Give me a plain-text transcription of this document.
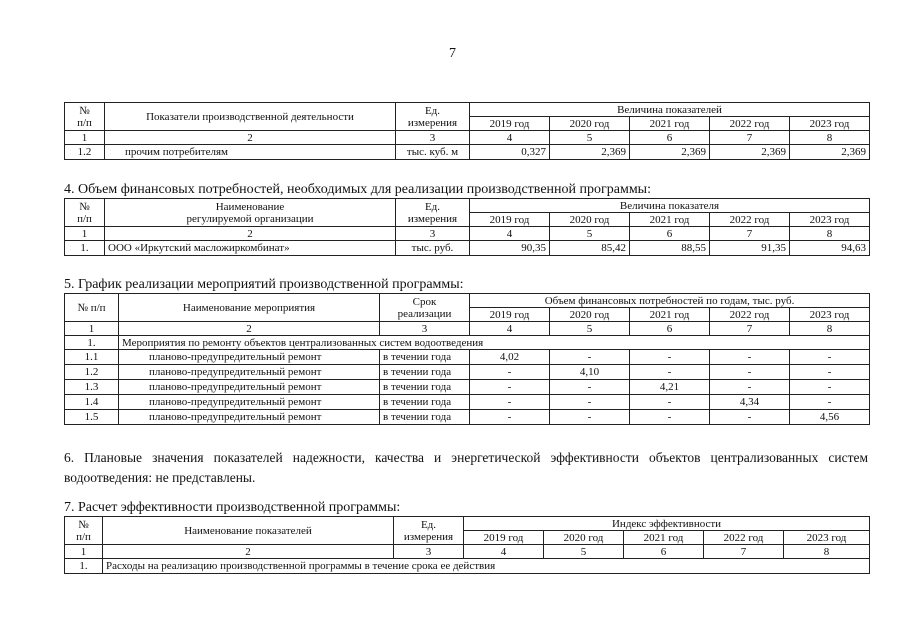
7
№
п/п	Показатели производственной деятельности	Ед.
измерения	Величина показателей				
			2019 год	2020 год	2021 год	2022 год	2023 год
1	2	3	4	5	6	7	8
1.2	прочим потребителям	тыс. куб. м	0,327	2,369	2,369	2,369	2,369
4. Объем финансовых потребностей, необходимых для реализации производственной программы:
№
п/п	Наименование
регулируемой организации	Ед.
измерения	Величина показателя				
			2019 год	2020 год	2021 год	2022 год	2023 год
1	2	3	4	5	6	7	8
1.	ООО «Иркутский масложиркомбинат»	тыс. руб.	90,35	85,42	88,55	91,35	94,63
5. График реализации мероприятий производственной программы:
№ п/п	Наименование мероприятия	Срок
реализации	Объем финансовых потребностей по годам, тыс. руб.				
			2019 год	2020 год	2021 год	2022 год	2023 год
1	2	3	4	5	6	7	8
1.	Мероприятия по ремонту объектов централизованных систем водоотведения						
1.1	планово-предупредительный ремонт	в течении года	4,02	-	-	-	-
1.2	планово-предупредительный ремонт	в течении года	-	4,10	-	-	-
1.3	планово-предупредительный ремонт	в течении года	-	-	4,21	-	-
1.4	планово-предупредительный ремонт	в течении года	-	-	-	4,34	-
1.5	планово-предупредительный ремонт	в течении года	-	-	-	-	4,56
6. Плановые значения показателей надежности, качества и энергетической эффективности объектов централизованных систем водоотведения: не представлены.
7. Расчет эффективности производственной программы:
№
п/п	Наименование показателей	Ед.
измерения	Индекс эффективности				
			2019 год	2020 год	2021 год	2022 год	2023 год
1	2	3	4	5	6	7	8
1.	Расходы на реализацию производственной программы в течение срока ее действия						
